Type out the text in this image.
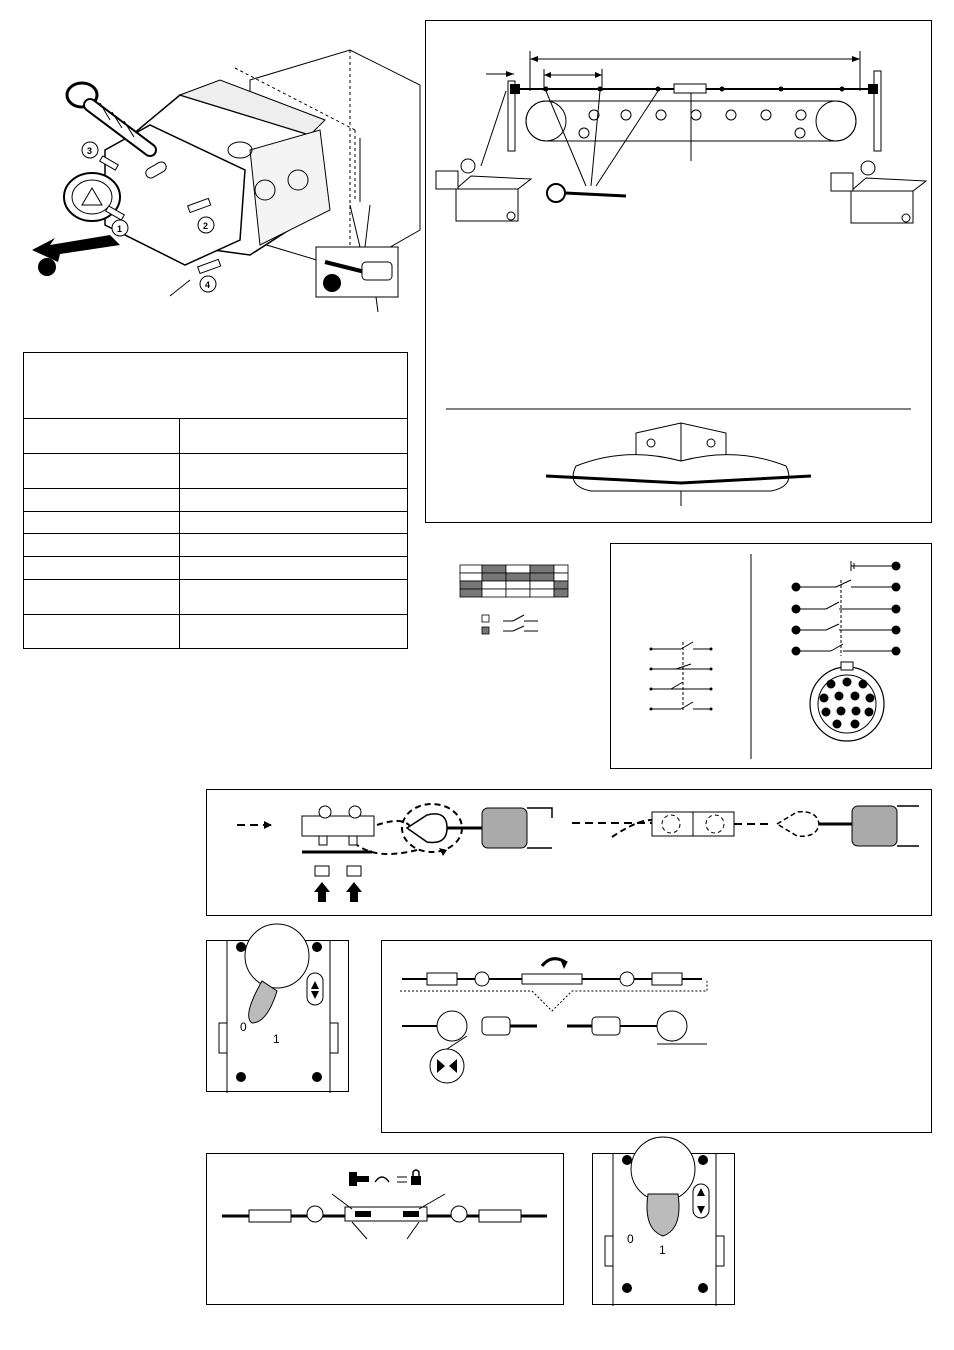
3
1	2
4

0
1
0
1
